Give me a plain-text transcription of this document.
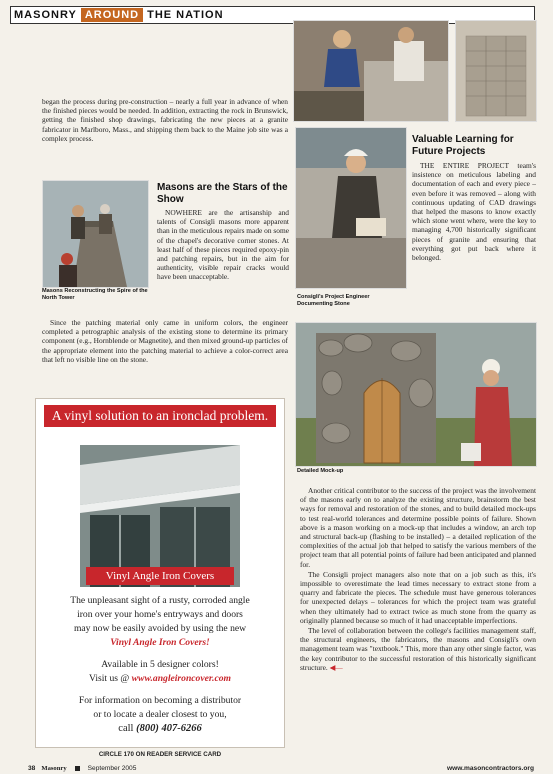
MASONRY AROUND THE NATION

began the process during pre-construction – nearly a full year in advance of when the finished pieces would be needed. In addition, extracting the rock in Brunswick, getting the finished shop drawings, fabricating the new pieces at a granite fabricator in Marlboro, Mass., and shipping them back to the Maine job site was a complex process.

Masons Reconstructing the Spire of the North Tower
Masons are the Stars of the Show

NOWHERE are the artisanship and talents of Consigli masons more apparent than in the meticulous repairs made on some of the chapel's decorative corner stones. At least half of these pieces required epoxy-pin and patching repairs, but in the aim for authenticity, visible repair cracks would have been unacceptable.

Since the patching material only came in uniform colors, the engineer completed a petrographic analysis of the existing stone to determine its primary component (e.g., Hornblende or Magnetite), and then mixed ground-up particles of the appropriate element into the patching material to achieve a color-correct area that left no visible line on the stone.

Consigli's Project Engineer Documenting Stone
Valuable Learning for Future Projects

THE ENTIRE PROJECT team's insistence on meticulous labeling and documentation of each and every piece – even before it was removed – along with continuous updating of CAD drawings that helped the masons to know exactly which stone went where, were the key to managing 4,700 historically significant pieces of granite and ensuring that everything got put back where it belonged.

Detailed Mock-up

Another critical contributor to the success of the project was the involvement of the masons early on to analyze the existing structure, brainstorm the best ways for removal and restoration of the stones, and to build detailed mock-ups to test real-world tolerances and determine possible points of failure. Shown above is a mason working on a mock-up that includes a window, an arch top and structural back-up (flashing to be installed) – a detailed replication of the complexities of the actual job that helped to satisfy the various members of the project team that all potential points of failure had been anticipated and planned for.

The Consigli project managers also note that on a job such as this, it's impossible to overestimate the lead times necessary to extract stone from a quarry and fabricate the pieces. The schedule must have generous tolerances for unexpected delays – tolerances for which the project team was grateful when they ultimately had to extract twice as much stone from the quarry as originally planned because so much of it had unacceptable imperfections.

The level of collaboration between the college's facilities management staff, the structural engineers, the fabricators, the masons and Consigli's own management team was "textbook." This, more than any other single factor, was the key contributor to the successful restoration of this historically significant structure. ◀—

A vinyl solution to an ironclad problem.
Vinyl Angle Iron Covers
The unpleasant sight of a rusty, corroded angle
iron over your home's entryways and doors
may now be easily avoided by using the new
Vinyl Angle Iron Covers!
Available in 5 designer colors!
Visit us @ www.angleironcover.com
For information on becoming a distributor
or to locate a dealer closest to you,
call (800) 407-6266
CIRCLE 170 ON READER SERVICE CARD
38 Masonry	September 2005	www.masoncontractors.org
